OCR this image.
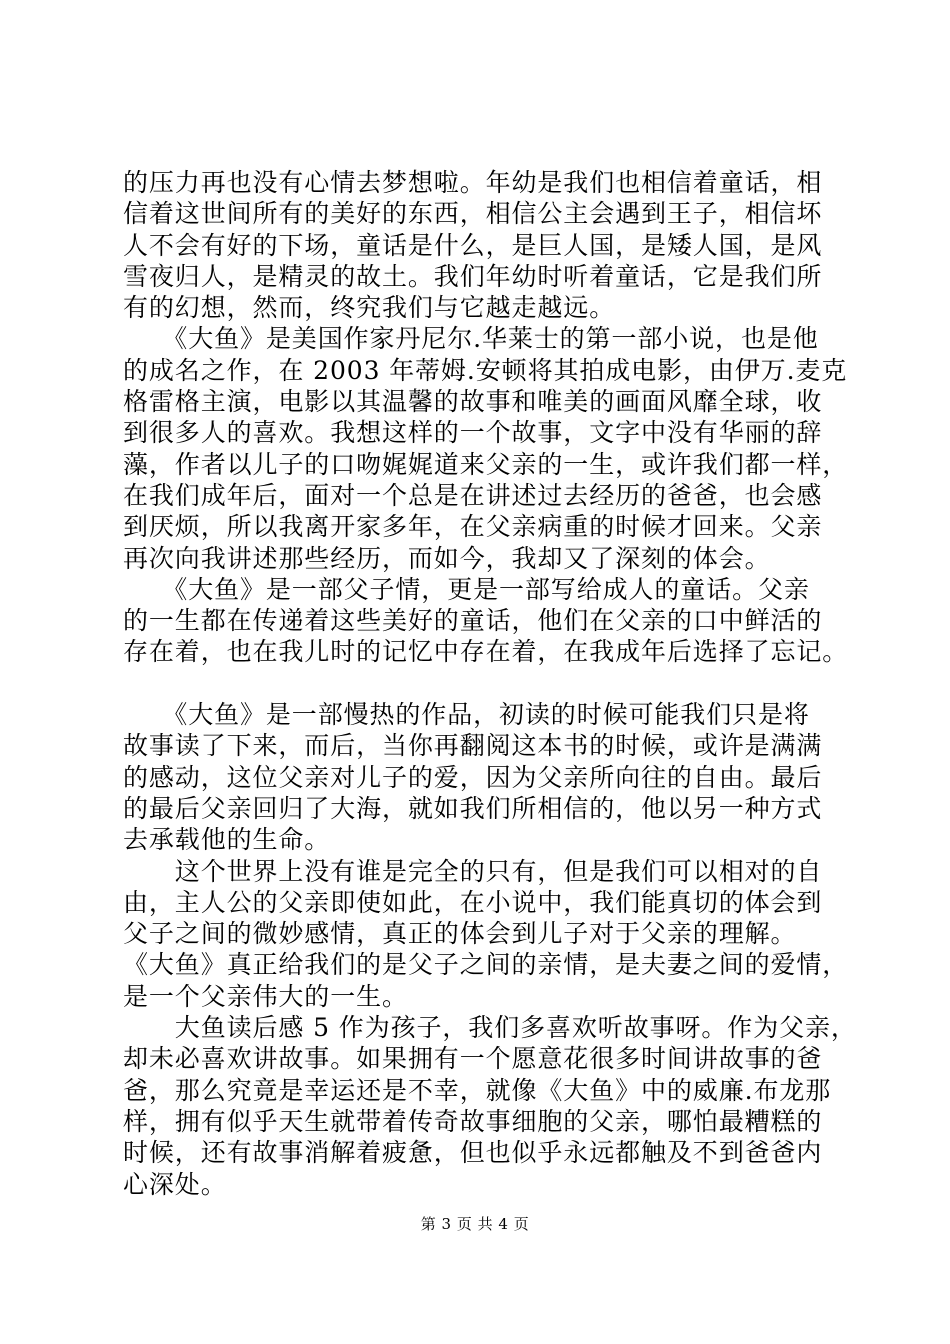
的压力再也没有心情去梦想啦。年幼是我们也相信着童话，相
信着这世间所有的美好的东西，相信公主会遇到王子，相信坏
人不会有好的下场，童话是什么，是巨人国，是矮人国，是风
雪夜归人，是精灵的故土。我们年幼时听着童话，它是我们所
有的幻想，然而，终究我们与它越走越远。
　　《大鱼》是美国作家丹尼尔.华莱士的第一部小说，也是他
的成名之作，在 2003 年蒂姆.安顿将其拍成电影，由伊万.麦克
格雷格主演，电影以其温馨的故事和唯美的画面风靡全球，收
到很多人的喜欢。我想这样的一个故事，文字中没有华丽的辞
藻，作者以儿子的口吻娓娓道来父亲的一生，或许我们都一样，
在我们成年后，面对一个总是在讲述过去经历的爸爸，也会感
到厌烦，所以我离开家多年，在父亲病重的时候才回来。父亲
再次向我讲述那些经历，而如今，我却又了深刻的体会。
　　《大鱼》是一部父子情，更是一部写给成人的童话。父亲
的一生都在传递着这些美好的童话，他们在父亲的口中鲜活的
存在着，也在我儿时的记忆中存在着，在我成年后选择了忘记。
　　《大鱼》是一部慢热的作品，初读的时候可能我们只是将
故事读了下来，而后，当你再翻阅这本书的时候，或许是满满
的感动，这位父亲对儿子的爱，因为父亲所向往的自由。最后
的最后父亲回归了大海，就如我们所相信的，他以另一种方式
去承载他的生命。
　　这个世界上没有谁是完全的只有，但是我们可以相对的自
由，主人公的父亲即使如此，在小说中，我们能真切的体会到
父子之间的微妙感情，真正的体会到儿子对于父亲的理解。
《大鱼》真正给我们的是父子之间的亲情，是夫妻之间的爱情，
是一个父亲伟大的一生。
　　大鱼读后感 5 作为孩子，我们多喜欢听故事呀。作为父亲，
却未必喜欢讲故事。如果拥有一个愿意花很多时间讲故事的爸
爸，那么究竟是幸运还是不幸，就像《大鱼》中的威廉.布龙那
样，拥有似乎天生就带着传奇故事细胞的父亲，哪怕最糟糕的
时候，还有故事消解着疲惫，但也似乎永远都触及不到爸爸内
心深处。
第 3 页 共 4 页
